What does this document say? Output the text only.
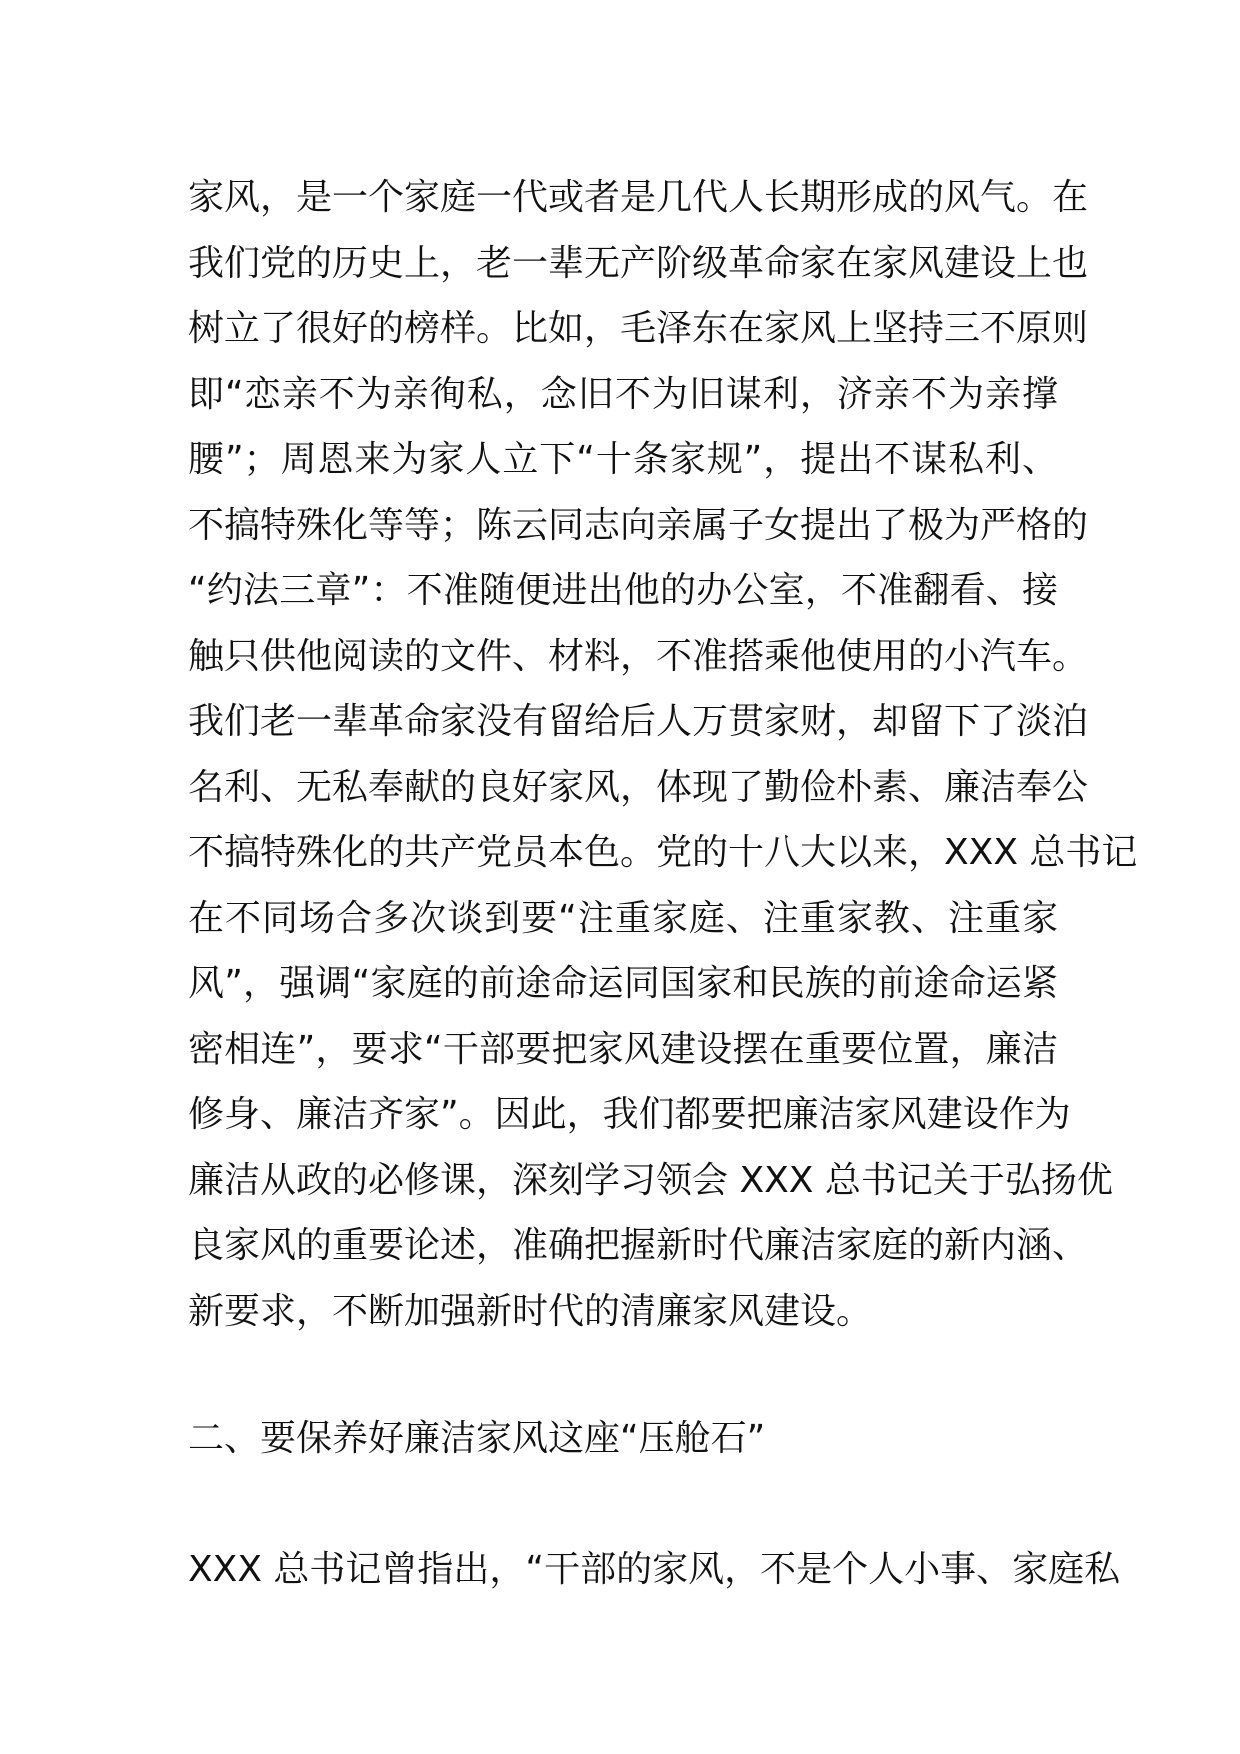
家风，是一个家庭一代或者是几代人长期形成的风气。在
我们党的历史上，老一辈无产阶级革命家在家风建设上也
树立了很好的榜样。比如，毛泽东在家风上坚持三不原则
即“恋亲不为亲徇私，念旧不为旧谋利，济亲不为亲撑
腰”；周恩来为家人立下“十条家规”，提出不谋私利、
不搞特殊化等等；陈云同志向亲属子女提出了极为严格的
“约法三章”：不准随便进出他的办公室，不准翻看、接
触只供他阅读的文件、材料，不准搭乘他使用的小汽车。
我们老一辈革命家没有留给后人万贯家财，却留下了淡泊
名利、无私奉献的良好家风，体现了勤俭朴素、廉洁奉公
不搞特殊化的共产党员本色。党的十八大以来，XXX 总书记
在不同场合多次谈到要“注重家庭、注重家教、注重家
风”，强调“家庭的前途命运同国家和民族的前途命运紧
密相连”，要求“干部要把家风建设摆在重要位置，廉洁
修身、廉洁齐家”。因此，我们都要把廉洁家风建设作为
廉洁从政的必修课，深刻学习领会 XXX 总书记关于弘扬优
良家风的重要论述，准确把握新时代廉洁家庭的新内涵、
新要求，不断加强新时代的清廉家风建设。
二、要保养好廉洁家风这座“压舱石”
XXX 总书记曾指出，“干部的家风，不是个人小事、家庭私
